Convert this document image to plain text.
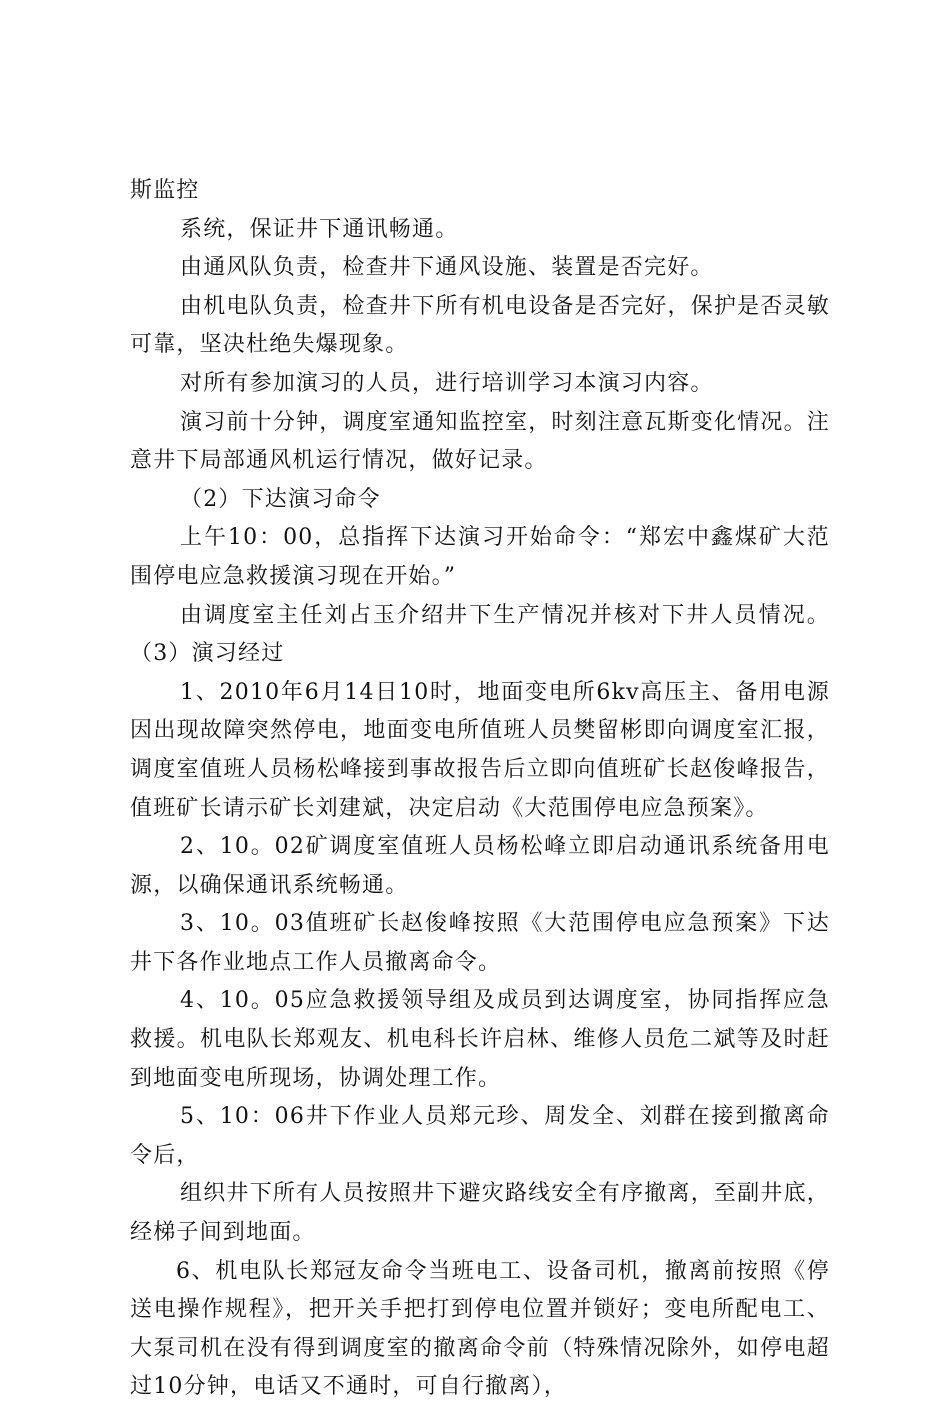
斯监控

系统，保证井下通讯畅通。

由通风队负责，检查井下通风设施、装置是否完好。

由机电队负责，检查井下所有机电设备是否完好，保护是否灵敏可靠，坚决杜绝失爆现象。

对所有参加演习的人员，进行培训学习本演习内容。

演习前十分钟，调度室通知监控室，时刻注意瓦斯变化情况。注意井下局部通风机运行情况，做好记录。

（2）下达演习命令

上午10：00，总指挥下达演习开始命令：“郑宏中鑫煤矿大范围停电应急救援演习现在开始。”

由调度室主任刘占玉介绍井下生产情况并核对下井人员情况。（3）演习经过

1、2010年6月14日10时，地面变电所6kv高压主、备用电源因出现故障突然停电，地面变电所值班人员樊留彬即向调度室汇报，调度室值班人员杨松峰接到事故报告后立即向值班矿长赵俊峰报告，值班矿长请示矿长刘建斌，决定启动《大范围停电应急预案》。

2、10。02矿调度室值班人员杨松峰立即启动通讯系统备用电源，以确保通讯系统畅通。

3、10。03值班矿长赵俊峰按照《大范围停电应急预案》下达井下各作业地点工作人员撤离命令。

4、10。05应急救援领导组及成员到达调度室，协同指挥应急救援。机电队长郑观友、机电科长许启林、维修人员危二斌等及时赶到地面变电所现场，协调处理工作。

5、10：06井下作业人员郑元珍、周发全、刘群在接到撤离命令后，

组织井下所有人员按照井下避灾路线安全有序撤离，至副井底，经梯子间到地面。

6、机电队长郑冠友命令当班电工、设备司机，撤离前按照《停送电操作规程》，把开关手把打到停电位置并锁好；变电所配电工、大泵司机在没有得到调度室的撤离命令前（特殊情况除外，如停电超过10分钟，电话又不通时，可自行撤离），
